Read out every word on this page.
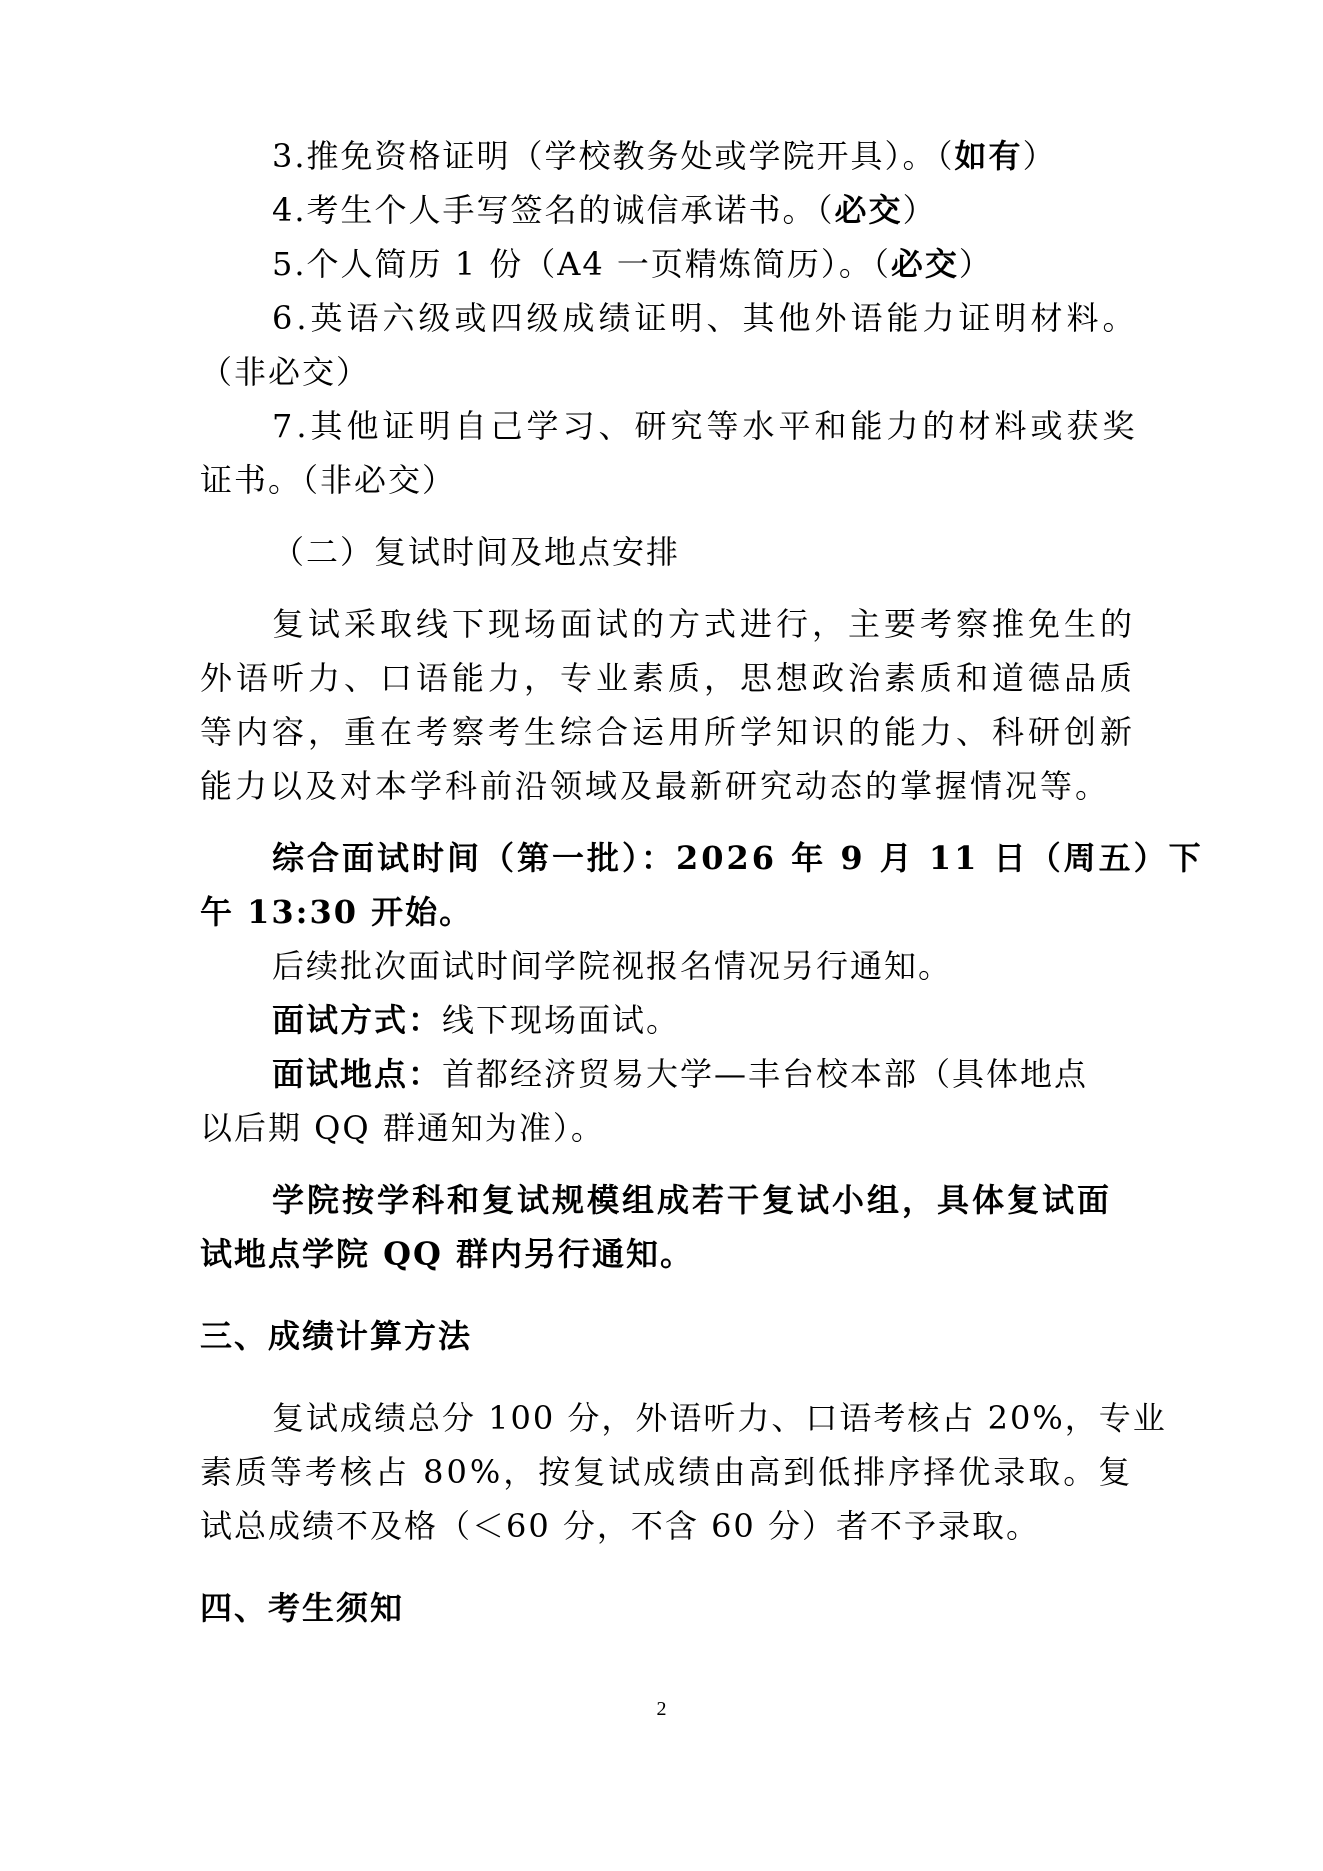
3.推免资格证明（学校教务处或学院开具）。（如有）
4.考生个人手写签名的诚信承诺书。（必交）
5.个人简历 1 份（A4 一页精炼简历）。（必交）
6.英语六级或四级成绩证明、其他外语能力证明材料。
（非必交）
7.其他证明自己学习、研究等水平和能力的材料或获奖
证书。（非必交）
（二）复试时间及地点安排
复试采取线下现场面试的方式进行，主要考察推免生的
外语听力、口语能力，专业素质，思想政治素质和道德品质
等内容，重在考察考生综合运用所学知识的能力、科研创新
能力以及对本学科前沿领域及最新研究动态的掌握情况等。
综合面试时间（第一批）：2026 年 9 月 11 日（周五）下
午 13:30 开始。
后续批次面试时间学院视报名情况另行通知。
面试方式：线下现场面试。
面试地点：首都经济贸易大学—丰台校本部（具体地点
以后期 QQ 群通知为准）。
学院按学科和复试规模组成若干复试小组，具体复试面
试地点学院 QQ 群内另行通知。
三、成绩计算方法
复试成绩总分 100 分，外语听力、口语考核占 20%，专业
素质等考核占 80%，按复试成绩由高到低排序择优录取。复
试总成绩不及格（＜60 分，不含 60 分）者不予录取。
四、考生须知
2
